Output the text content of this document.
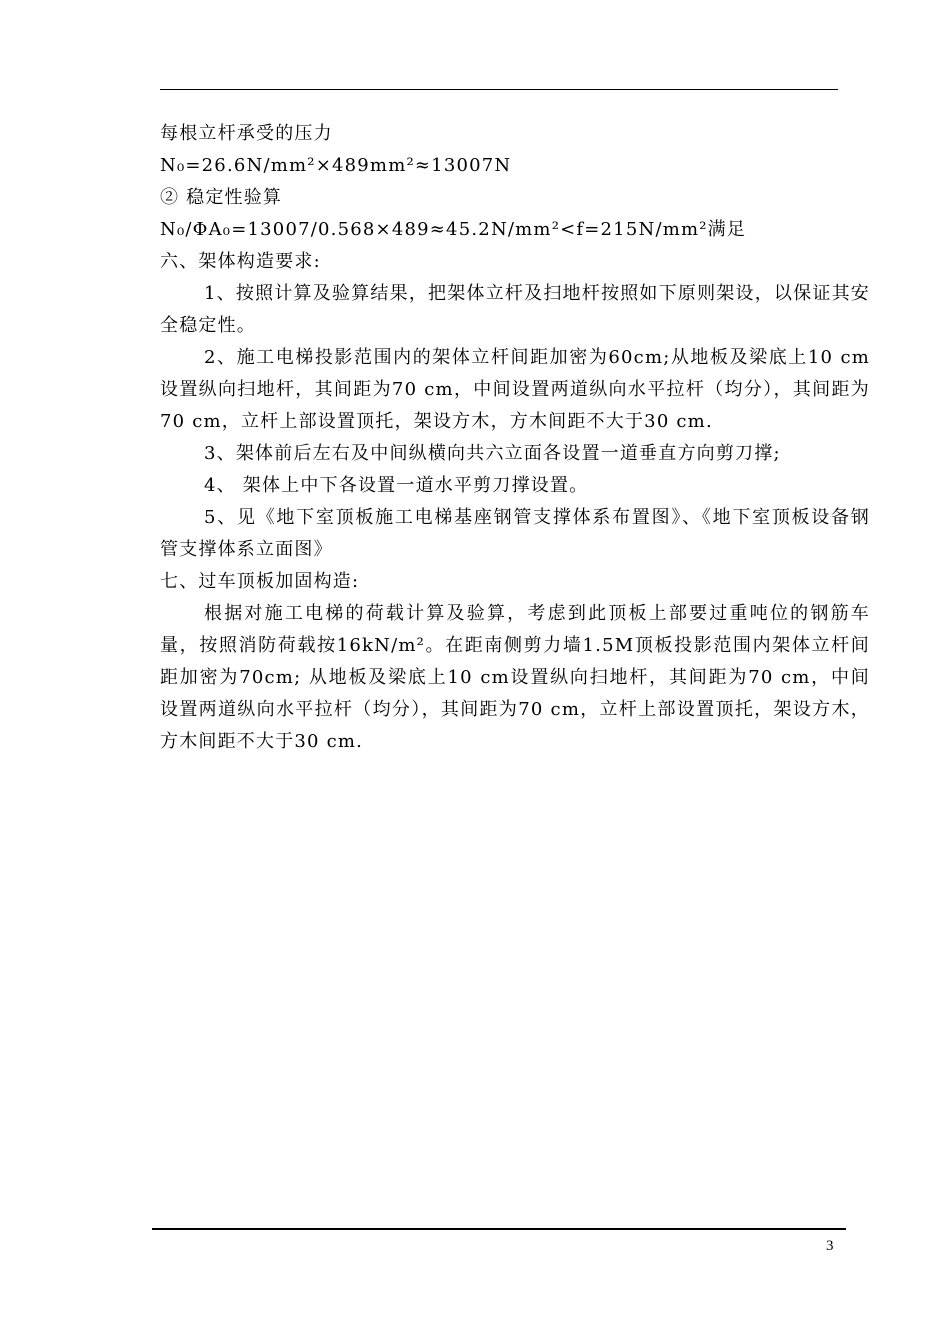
每根立杆承受的压力

N₀=26.6N/mm²×489mm²≈13007N

② 稳定性验算

N₀/ΦA₀=13007/0.568×489≈45.2N/mm²<f=215N/mm²满足

六、架体构造要求:

1、按照计算及验算结果，把架体立杆及扫地杆按照如下原则架设，以保证其安全稳定性。

2、施工电梯投影范围内的架体立杆间距加密为60cm;从地板及梁底上10 cm设置纵向扫地杆，其间距为70 cm，中间设置两道纵向水平拉杆（均分），其间距为70 cm，立杆上部设置顶托，架设方木，方木间距不大于30 cm.

3、架体前后左右及中间纵横向共六立面各设置一道垂直方向剪刀撑;

4、 架体上中下各设置一道水平剪刀撑设置。

5、见《地下室顶板施工电梯基座钢管支撑体系布置图》、《地下室顶板设备钢管支撑体系立面图》

七、过车顶板加固构造:

根据对施工电梯的荷载计算及验算，考虑到此顶板上部要过重吨位的钢筋车量，按照消防荷载按16kN/m²。在距南侧剪力墙1.5M顶板投影范围内架体立杆间距加密为70cm; 从地板及梁底上10 cm设置纵向扫地杆，其间距为70 cm，中间设置两道纵向水平拉杆（均分），其间距为70 cm，立杆上部设置顶托，架设方木，方木间距不大于30 cm.

3
